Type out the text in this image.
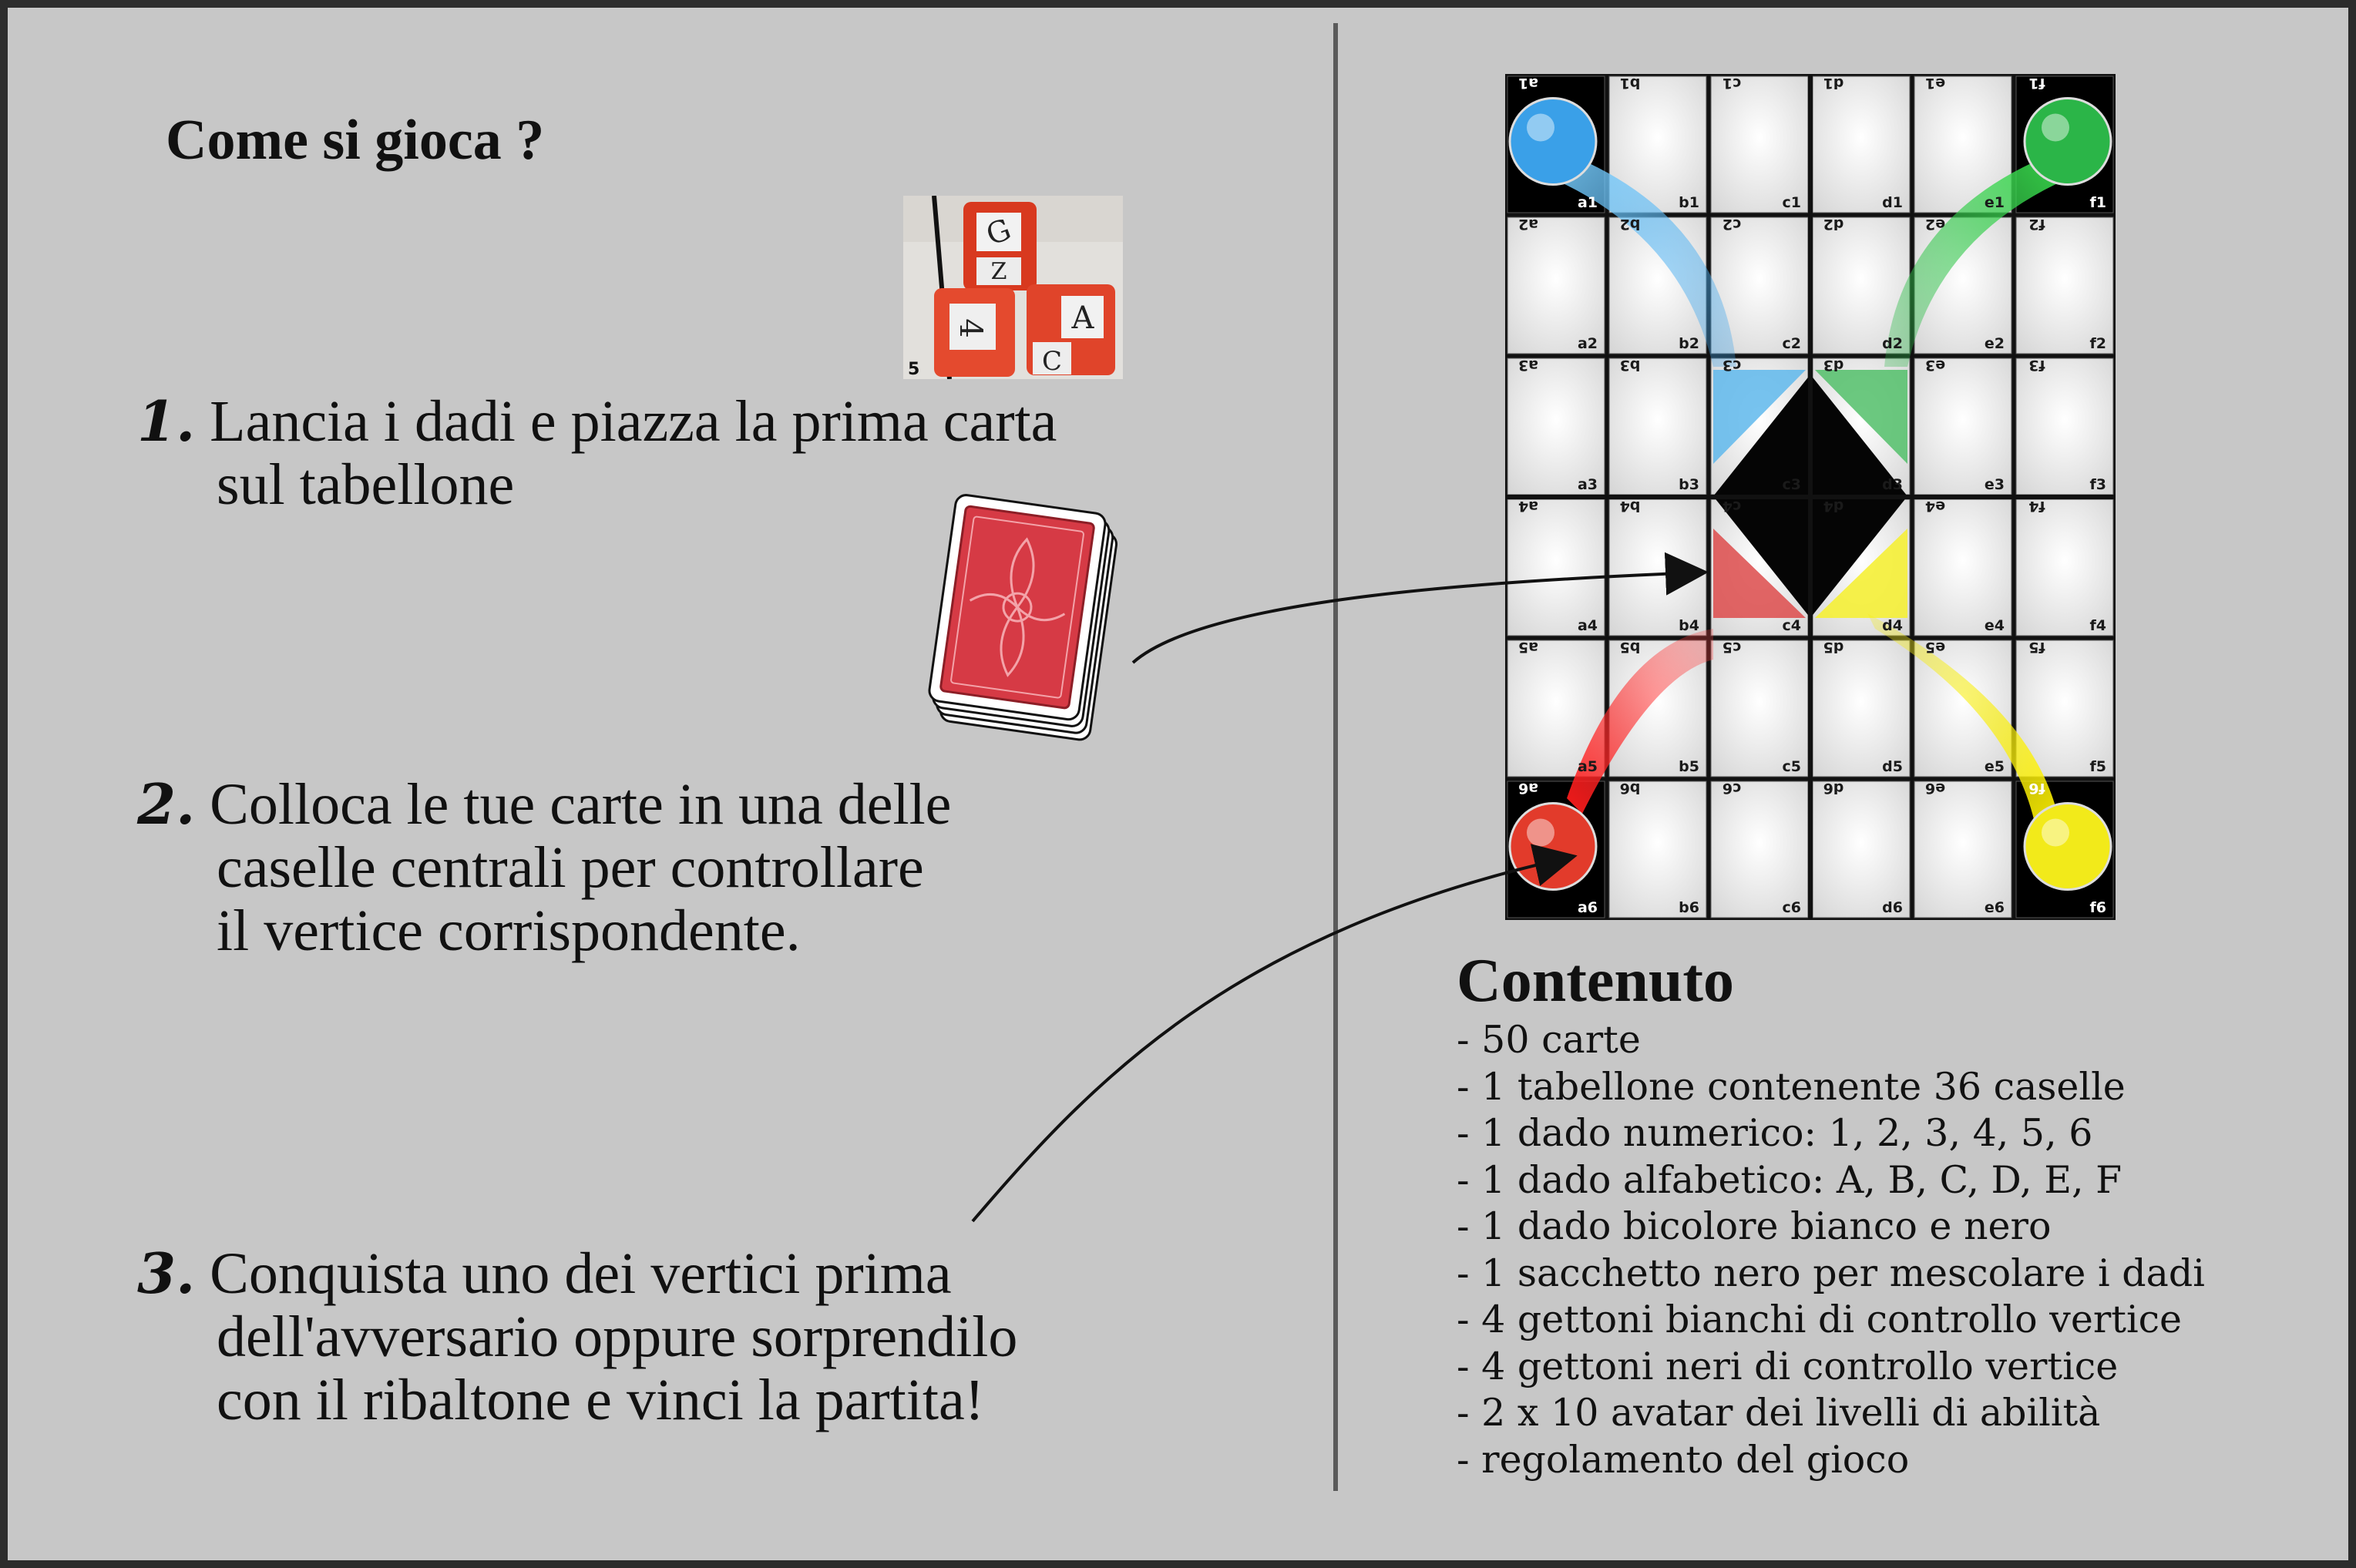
Come si gioca ?
1. Lancia i dadi e piazza la prima carta
sul tabellone
2. Colloca le tue carte in una delle
caselle centrali per controllare
il vertice corrispondente.
3. Conquista uno dei vertici prima
dell'avversario oppure sorprendilo
con il ribaltone e vinci la partita!
G
Z
4	A
C
5
a1
a1
b1
b1
c1
c1
d1
d1
e1
e1
f1
f1
a2
a2
b2
b2
c2
c2
d2
d2
e2
e2
f2
f2
a3
a3
b3
b3
c3
c3
d3
d3
e3
e3
f3
f3
a4
a4
b4
b4
c4
c4
d4
d4
e4
e4
f4
f4
a5
a5
b5
b5
c5
c5
d5
d5
e5
e5
f5
f5
a6
a6
b6
b6
c6
c6
d6
d6
e6
e6
f6
f6
Contenuto
- 50 carte
- 1 tabellone contenente 36 caselle
- 1 dado numerico: 1, 2, 3, 4, 5, 6
- 1 dado alfabetico: A, B, C, D, E, F
- 1 dado bicolore bianco e nero
- 1 sacchetto nero per mescolare i dadi
- 4 gettoni bianchi di controllo vertice
- 4 gettoni neri di controllo vertice
- 2 x 10 avatar dei livelli di abilità
- regolamento del gioco
